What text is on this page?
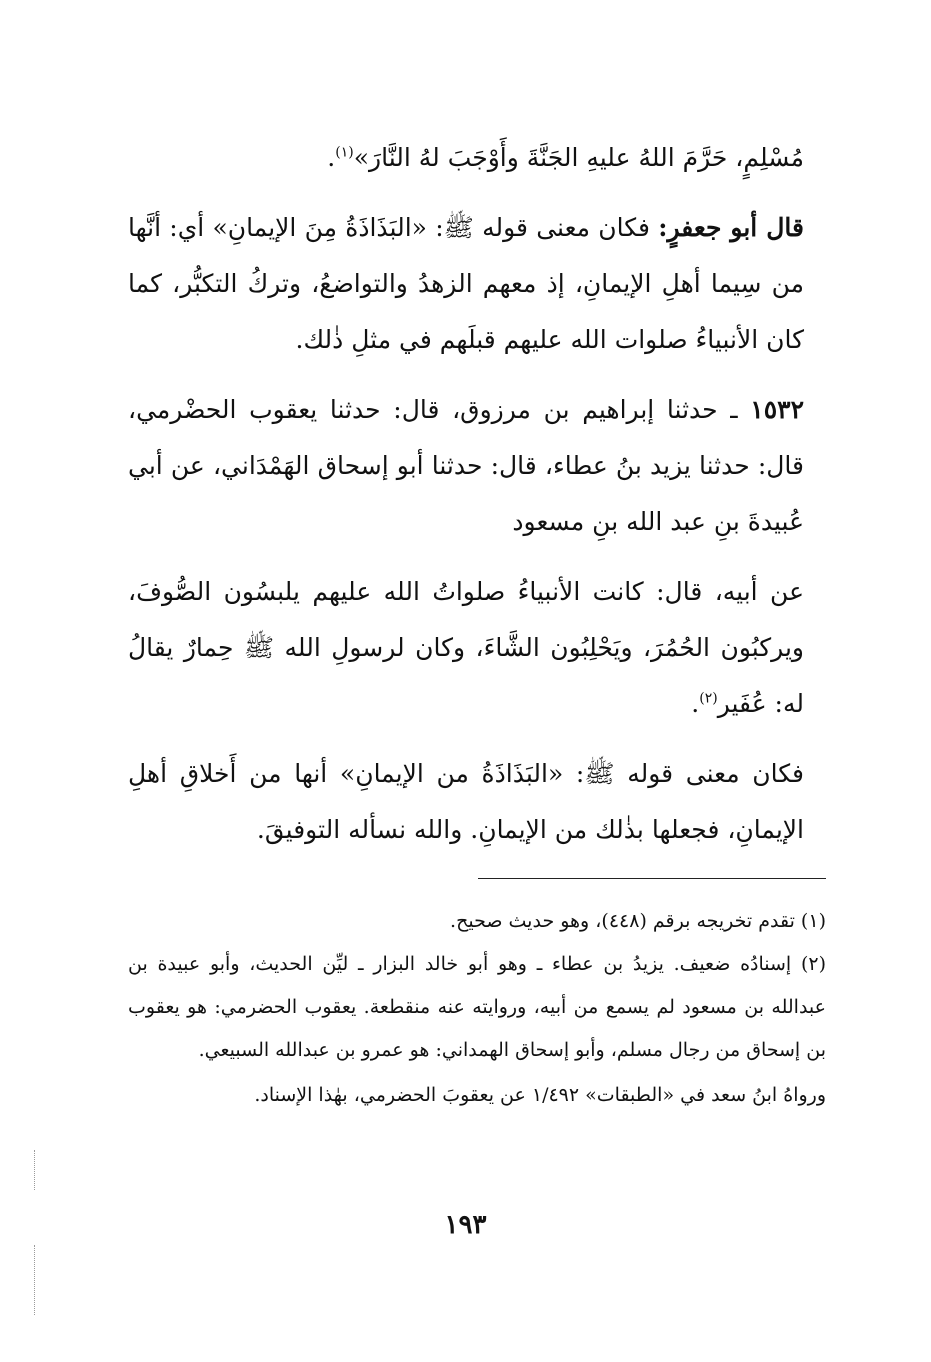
مُسْلِمٍ، حَرَّمَ اللهُ عليهِ الجَنَّةَ وأَوْجَبَ لهُ النَّارَ»$^{(١)}$.

قال أبو جعفرٍ: فكان معنى قوله ﷺ: «البَذَاذَةُ مِنَ الإيمانِ» أي: أنَّها من سِيما أهلِ الإيمانِ، إذ معهم الزهدُ والتواضعُ، وتركُ التكبُّر، كما كان الأنبياءُ صلوات الله عليهم قبلَهم في مثلِ ذٰلك.

١٥٣٢ ـ حدثنا إبراهيم بن مرزوق، قال: حدثنا يعقوب الحضْرمي، قال: حدثنا يزيد بنُ عطاء، قال: حدثنا أبو إسحاق الهَمْدَاني، عن أبي عُبيدةَ بنِ عبد الله بنِ مسعود

عن أبيه، قال: كانت الأنبياءُ صلواتُ الله عليهم يلبسُون الصُّوفَ، ويركبُون الحُمُرَ، ويَحْلِبُون الشَّاءَ، وكان لرسولِ الله ﷺ حِمارٌ يقالُ له: عُفَير$^{(٢)}$.

فكان معنى قوله ﷺ: «البَذَاذَةُ من الإيمانِ» أنها من أَخلاقِ أهلِ الإيمانِ، فجعلها بذٰلك من الإيمانِ. والله نسأله التوفيقَ.

(١) تقدم تخريجه برقم (٤٤٨)، وهو حديث صحيح.

(٢) إسنادُه ضعيف. يزيدُ بن عطاء ـ وهو أبو خالد البزار ـ ليِّن الحديث، وأبو عبيدة بن عبدالله بن مسعود لم يسمع من أبيه، وروايته عنه منقطعة. يعقوب الحضرمي: هو يعقوب بن إسحاق من رجال مسلم، وأبو إسحاق الهمداني: هو عمرو بن عبدالله السبيعي.

ورواهُ ابنُ سعد في «الطبقات» ١/٤٩٢ عن يعقوبَ الحضرمي، بهٰذا الإسناد.

١٩٣
